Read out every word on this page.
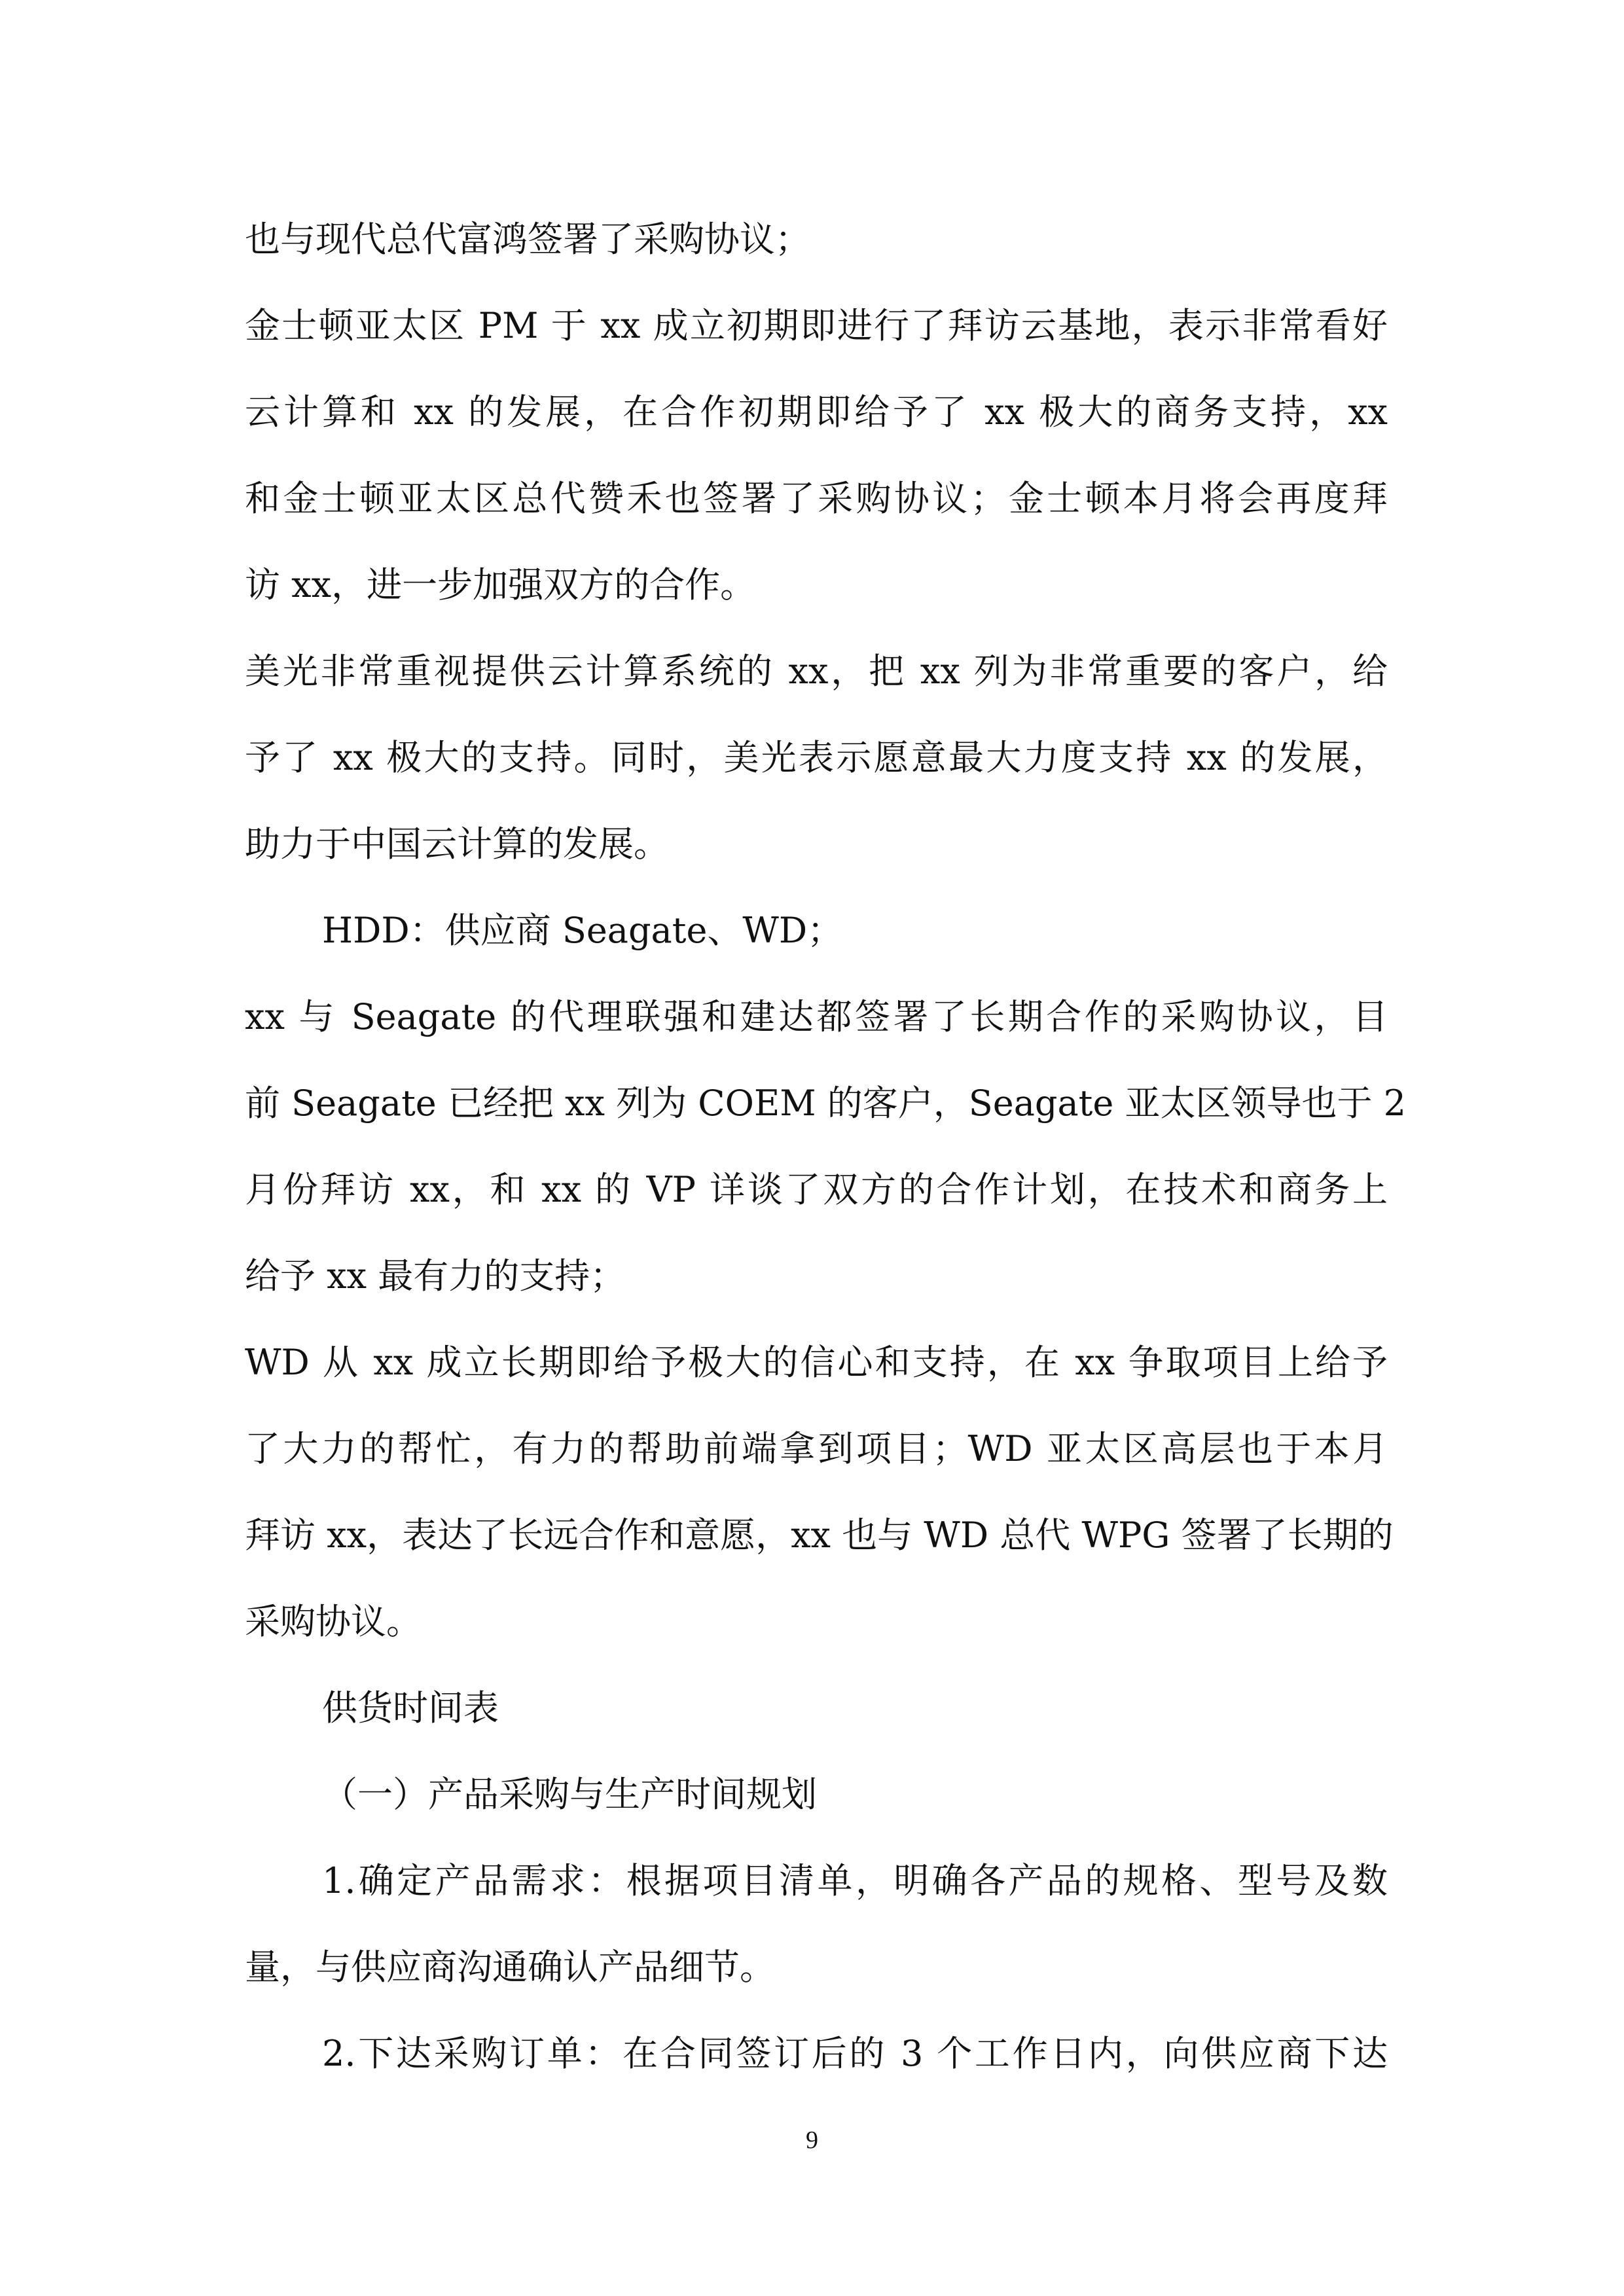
也与现代总代富鸿签署了采购协议；
金士顿亚太区 PM 于 xx 成立初期即进行了拜访云基地，表示非常看好
云计算和 xx 的发展，在合作初期即给予了 xx 极大的商务支持，xx
和金士顿亚太区总代赞禾也签署了采购协议；金士顿本月将会再度拜
访 xx，进一步加强双方的合作。
美光非常重视提供云计算系统的 xx，把 xx 列为非常重要的客户，给
予了 xx 极大的支持。同时，美光表示愿意最大力度支持 xx 的发展，
助力于中国云计算的发展。
HDD：供应商 Seagate、WD；
xx 与 Seagate 的代理联强和建达都签署了长期合作的采购协议，目
前 Seagate 已经把 xx 列为 COEM 的客户，Seagate 亚太区领导也于 2
月份拜访 xx，和 xx 的 VP 详谈了双方的合作计划，在技术和商务上
给予 xx 最有力的支持；
WD 从 xx 成立长期即给予极大的信心和支持，在 xx 争取项目上给予
了大力的帮忙，有力的帮助前端拿到项目；WD 亚太区高层也于本月
拜访 xx，表达了长远合作和意愿，xx 也与 WD 总代 WPG 签署了长期的
采购协议。
供货时间表
（一）产品采购与生产时间规划
1.确定产品需求：根据项目清单，明确各产品的规格、型号及数
量，与供应商沟通确认产品细节。
2.下达采购订单：在合同签订后的 3 个工作日内，向供应商下达
9
